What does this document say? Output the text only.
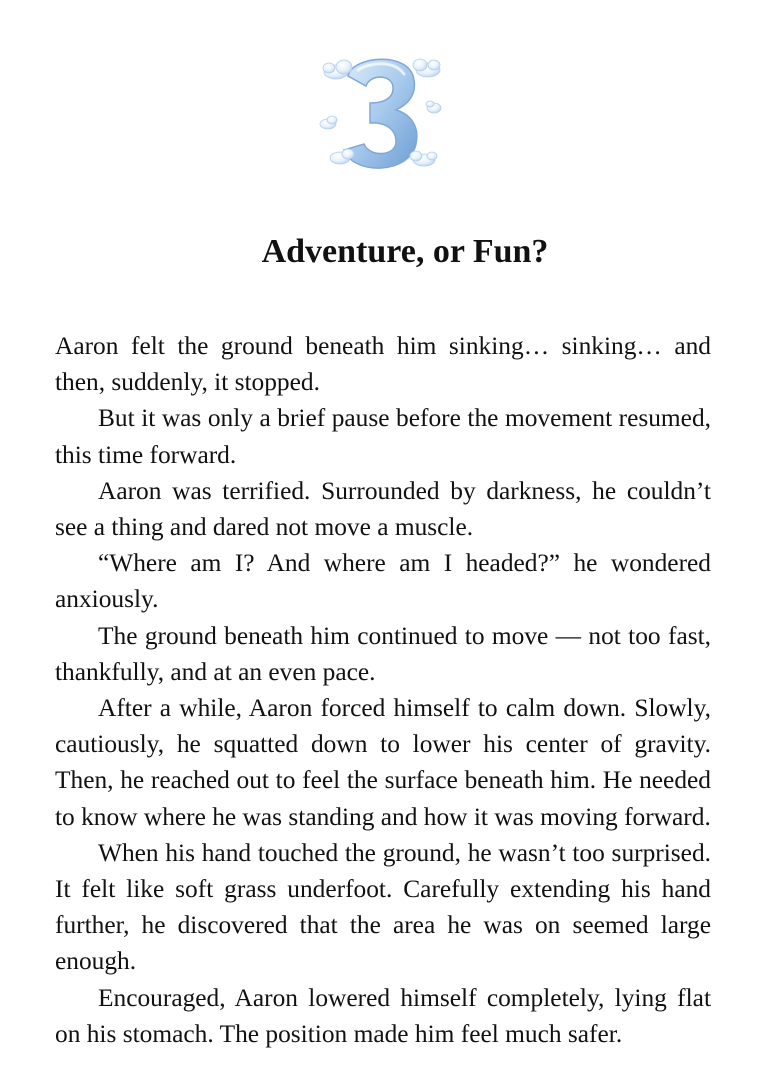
Adventure, or Fun?

Aaron felt the ground beneath him sinking… sinking… and then, suddenly, it stopped.

But it was only a brief pause before the movement resumed, this time forward.

Aaron was terrified. Surrounded by darkness, he couldn’t see a thing and dared not move a muscle.

“Where am I? And where am I headed?” he wondered anxiously.

The ground beneath him continued to move — not too fast, thankfully, and at an even pace.

After a while, Aaron forced himself to calm down. Slowly, cautiously, he squatted down to lower his center of gravity. Then, he reached out to feel the surface beneath him. He needed to know where he was standing and how it was moving forward.

When his hand touched the ground, he wasn’t too surprised. It felt like soft grass underfoot. Carefully extending his hand further, he discovered that the area he was on seemed large enough.

Encouraged, Aaron lowered himself completely, lying flat on his stomach. The position made him feel much safer.
